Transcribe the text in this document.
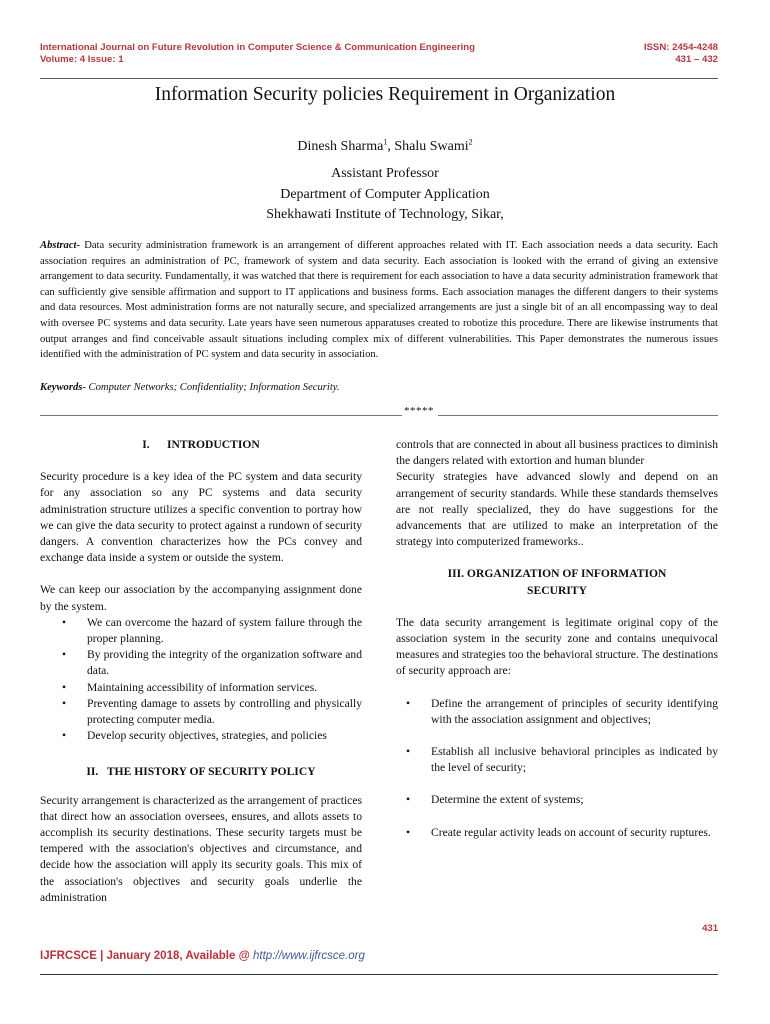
International Journal on Future Revolution in Computer Science & Communication Engineering
Volume: 4 Issue: 1
ISSN: 2454-4248
431 – 432
Information Security policies Requirement in Organization
Dinesh Sharma$^1$, Shalu Swami$^2$
Assistant Professor
Department of Computer Application
Shekhawati Institute of Technology, Sikar,
Abstract- Data security administration framework is an arrangement of different approaches related with IT. Each association needs a data security. Each association requires an administration of PC, framework of system and data security. Each association is looked with the errand of giving an extensive arrangement to data security. Fundamentally, it was watched that there is requirement for each association to have a data security administration framework that can sufficiently give sensible affirmation and support to IT applications and business forms. Each association manages the different dangers to their systems and data resources. Most administration forms are not naturally secure, and specialized arrangements are just a single bit of an all encompassing way to deal with oversee PC systems and data security. Late years have seen numerous apparatuses created to robotize this procedure. There are likewise instruments that output arranges and find conceivable assault situations including complex mix of different vulnerabilities. This Paper demonstrates the numerous issues identified with the administration of PC system and data security in association.
Keywords- Computer Networks; Confidentiality; Information Security.
*****
I.      INTRODUCTION

Security procedure is a key idea of the PC system and data security for any association so any PC systems and data security administration structure utilizes a specific convention to portray how we can give the data security to protect against a rundown of security dangers. A convention characterizes how the PCs convey and exchange data inside a system or outside the system.

We can keep our association by the accompanying assignment done by the system.

• We can overcome the hazard of system failure through the proper planning.
• By providing the integrity of the organization software and data.
• Maintaining accessibility of information services.
• Preventing damage to assets by controlling and physically protecting computer media.
• Develop security objectives, strategies, and policies
II.   THE HISTORY OF SECURITY POLICY

Security arrangement is characterized as the arrangement of practices that direct how an association oversees, ensures, and allots assets to accomplish its security destinations. These security targets must be tempered with the association's objectives and circumstance, and decide how the association will apply its security goals. This mix of the association's objectives and security goals underlie the administration

controls that are connected in about all business practices to diminish the dangers related with extortion and human blunder

Security strategies have advanced slowly and depend on an arrangement of security standards. While these standards themselves are not really specialized, they do have suggestions for the advancements that are utilized to make an interpretation of the strategy into computerized frameworks..

III. ORGANIZATION OF INFORMATION
SECURITY

The data security arrangement is legitimate original copy of the association system in the security zone and contains unequivocal measures and strategies too the behavioral structure. The destinations of security approach are:

• Define the arrangement of principles of security identifying with the association assignment and objectives;
• Establish all inclusive behavioral principles as indicated by the level of security;
• Determine the extent of systems;
• Create regular activity leads on account of security ruptures.
431
IJFRCSCE | January 2018, Available @ http://www.ijfrcsce.org
